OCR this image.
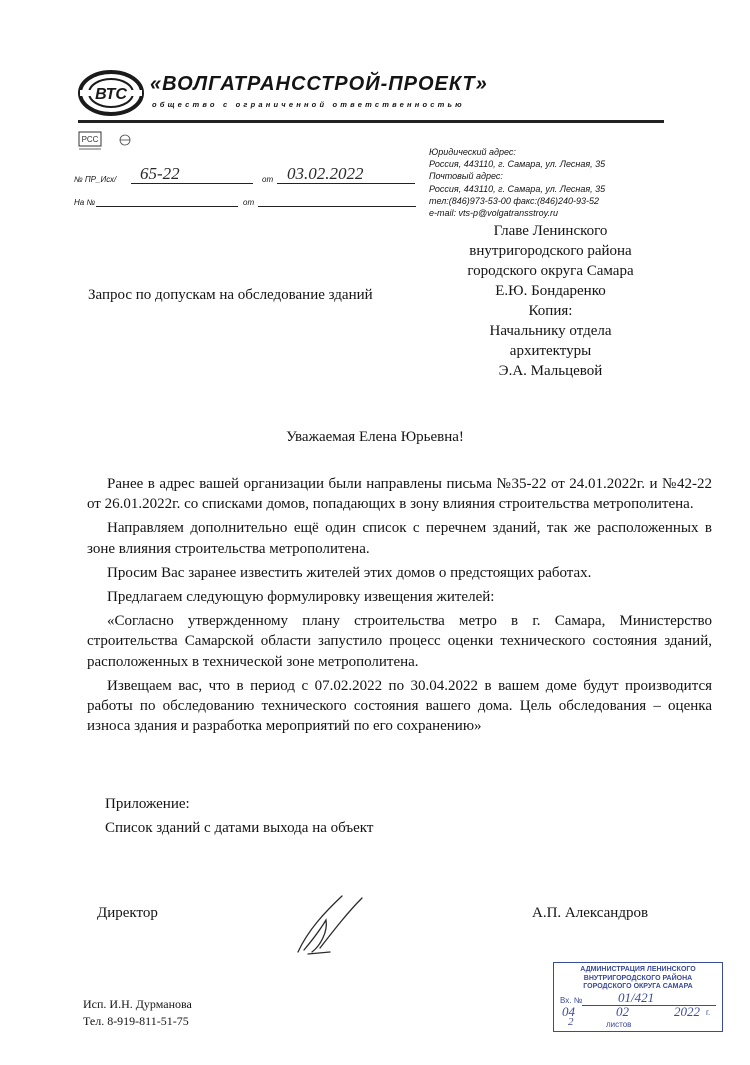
ВТС «ВОЛГАТРАНССТРОЙ-ПРОЕКТ»
общество с ограниченной ответственностью
РСС
№ ПР_Исх/ 65-22	от 03.02.2022
На №	от
Юридический адрес:
Россия, 443110, г. Самара, ул. Лесная, 35
Почтовый адрес:
Россия, 443110, г. Самара, ул. Лесная, 35
тел:(846)973-53-00 факс:(846)240-93-52
e-mail: vts-p@volgatransstroy.ru
Главе Ленинского
внутригородского района
городского округа Самара
Е.Ю. Бондаренко
Копия:
Начальнику отдела
архитектуры
Э.А. Мальцевой
Запрос по допускам на обследование зданий
Уважаемая Елена Юрьевна!

Ранее в адрес вашей организации были направлены письма №35-22 от 24.01.2022г. и №42-22 от 26.01.2022г. со списками домов, попадающих в зону влияния строительства метрополитена.

Направляем дополнительно ещё один список с перечнем зданий, так же расположенных в зоне влияния строительства метрополитена.

Просим Вас заранее известить жителей этих домов о предстоящих работах.

Предлагаем следующую формулировку извещения жителей:

«Согласно утвержденному плану строительства метро в г. Самара, Министерство строительства Самарской области запустило процесс оценки технического состояния зданий, расположенных в технической зоне метрополитена.

Извещаем вас, что в период с 07.02.2022 по 30.04.2022 в вашем доме будут производится работы по обследованию технического состояния вашего дома. Цель обследования – оценка износа здания и разработка мероприятий по его сохранению»

Приложение:
Список зданий с датами выхода на объект
Директор	А.П. Александров
Исп. И.Н. Дурманова
Тел. 8-919-811-51-75
АДМИНИСТРАЦИЯ ЛЕНИНСКОГО
ВНУТРИГОРОДСКОГО РАЙОНА
ГОРОДСКОГО ОКРУГА САМАРА
Вх. №	01/421
04	02	2022 г.
2	листов
